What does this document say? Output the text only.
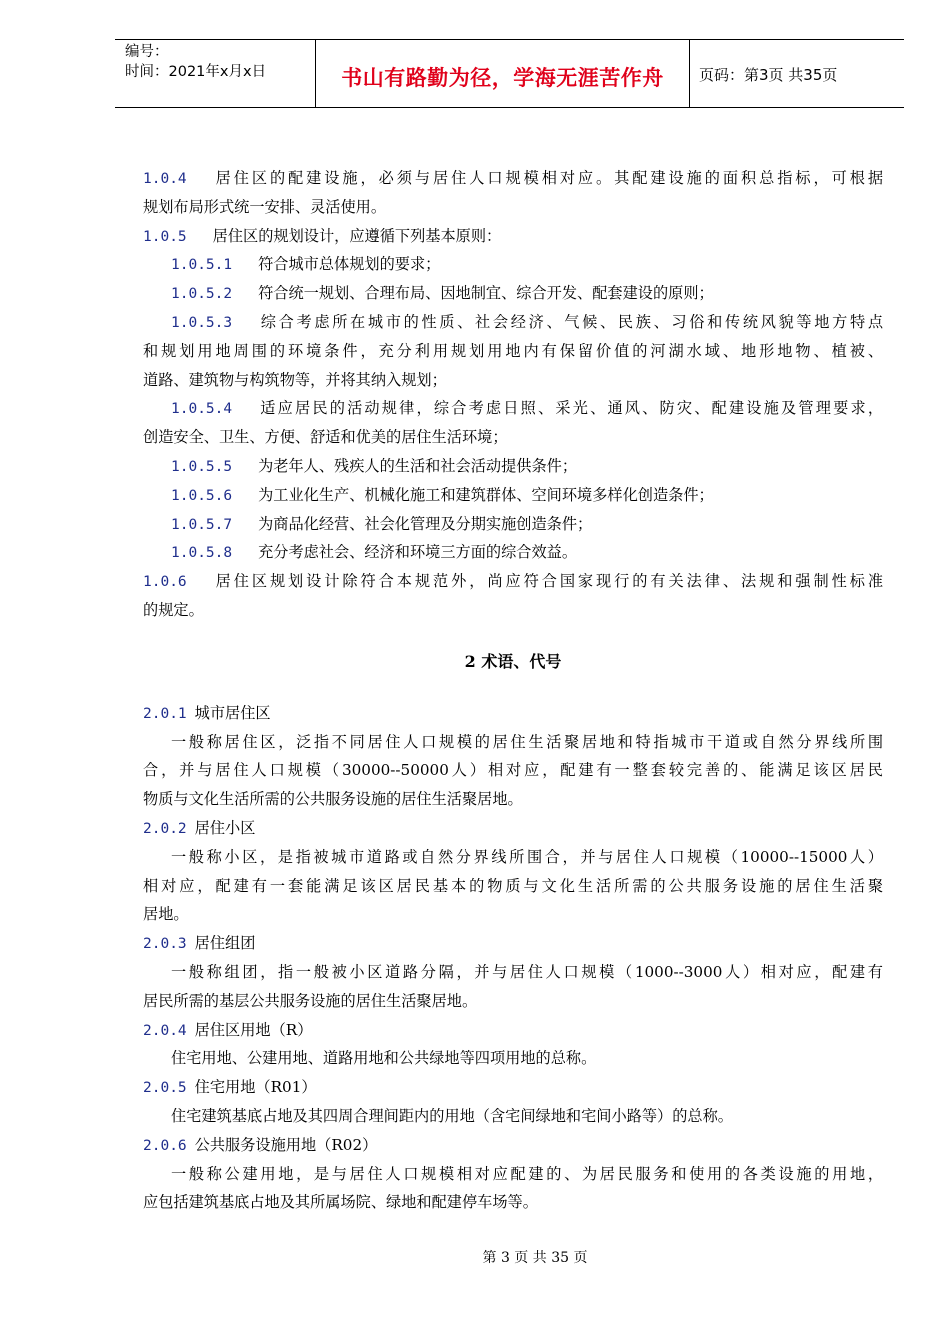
编号：
时间：2021年x月x日	书山有路勤为径，学海无涯苦作舟	页码：第3页 共35页
1.0.4 居住区的配建设施，必须与居住人口规模相对应。其配建设施的面积总指标，可根据
规划布局形式统一安排、灵活使用。
1.0.5 居住区的规划设计，应遵循下列基本原则：
1.0.5.1 符合城市总体规划的要求；
1.0.5.2 符合统一规划、合理布局、因地制宜、综合开发、配套建设的原则；
1.0.5.3 综合考虑所在城市的性质、社会经济、气候、民族、习俗和传统风貌等地方特点
和规划用地周围的环境条件，充分利用规划用地内有保留价值的河湖水域、地形地物、植被、
道路、建筑物与构筑物等，并将其纳入规划；
1.0.5.4 适应居民的活动规律，综合考虑日照、采光、通风、防灾、配建设施及管理要求，
创造安全、卫生、方便、舒适和优美的居住生活环境；
1.0.5.5 为老年人、残疾人的生活和社会活动提供条件；
1.0.5.6 为工业化生产、机械化施工和建筑群体、空间环境多样化创造条件；
1.0.5.7 为商品化经营、社会化管理及分期实施创造条件；
1.0.5.8 充分考虑社会、经济和环境三方面的综合效益。
1.0.6 居住区规划设计除符合本规范外，尚应符合国家现行的有关法律、法规和强制性标准
的规定。
2 术语、代号
2.0.1 城市居住区
一般称居住区，泛指不同居住人口规模的居住生活聚居地和特指城市干道或自然分界线所围
合，并与居住人口规模（30000--50000人）相对应，配建有一整套较完善的、能满足该区居民
物质与文化生活所需的公共服务设施的居住生活聚居地。
2.0.2 居住小区
一般称小区，是指被城市道路或自然分界线所围合，并与居住人口规模（10000--15000人）
相对应，配建有一套能满足该区居民基本的物质与文化生活所需的公共服务设施的居住生活聚
居地。
2.0.3 居住组团
一般称组团，指一般被小区道路分隔，并与居住人口规模（1000--3000人）相对应，配建有
居民所需的基层公共服务设施的居住生活聚居地。
2.0.4 居住区用地（R）
住宅用地、公建用地、道路用地和公共绿地等四项用地的总称。
2.0.5 住宅用地（R01）
住宅建筑基底占地及其四周合理间距内的用地（含宅间绿地和宅间小路等）的总称。
2.0.6 公共服务设施用地（R02）
一般称公建用地，是与居住人口规模相对应配建的、为居民服务和使用的各类设施的用地，
应包括建筑基底占地及其所属场院、绿地和配建停车场等。
第 3 页 共 35 页
